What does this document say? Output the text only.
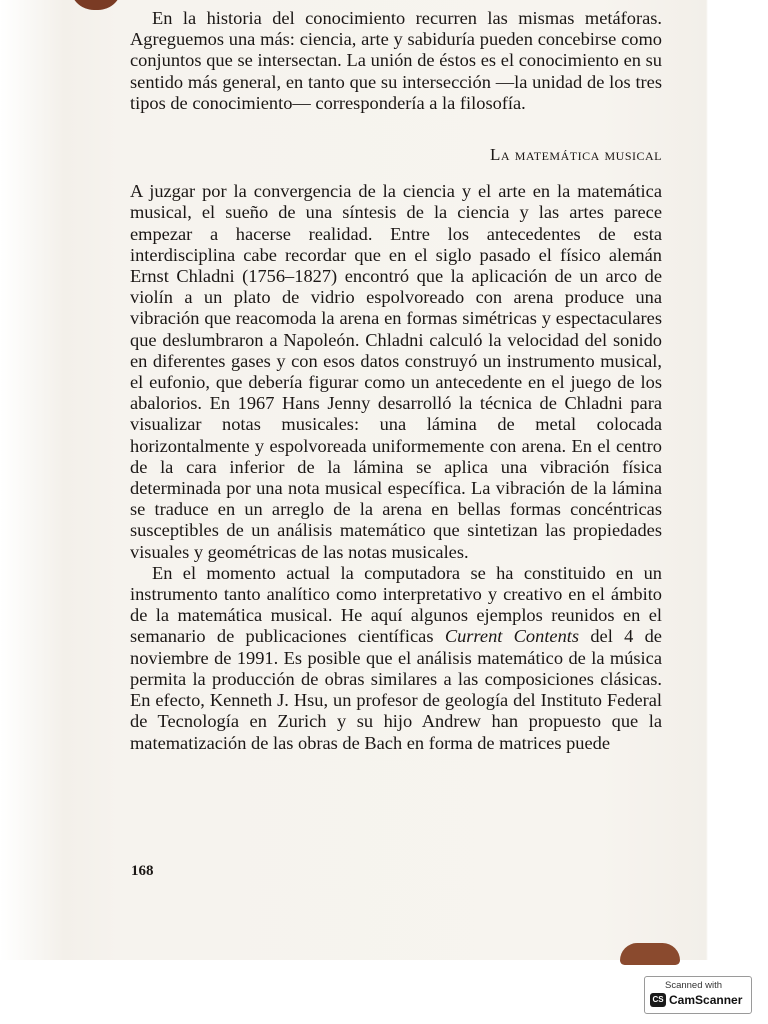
En la historia del conocimiento recurren las mismas metáforas. Agreguemos una más: ciencia, arte y sabiduría pueden concebirse como conjuntos que se intersectan. La unión de éstos es el conocimiento en su sentido más general, en tanto que su intersección —la unidad de los tres tipos de conocimiento— correspondería a la filosofía.

La matemática musical

A juzgar por la convergencia de la ciencia y el arte en la matemática musical, el sueño de una síntesis de la ciencia y las artes parece empezar a hacerse realidad. Entre los antecedentes de esta interdisciplina cabe recordar que en el siglo pasado el físico alemán Ernst Chladni (1756–1827) encontró que la aplicación de un arco de violín a un plato de vidrio espolvoreado con arena produce una vibración que reacomoda la arena en formas simétricas y espectaculares que deslumbraron a Napoleón. Chladni calculó la velocidad del sonido en diferentes gases y con esos datos construyó un instrumento musical, el eufonio, que debería figurar como un antecedente en el juego de los abalorios. En 1967 Hans Jenny desarrolló la técnica de Chladni para visualizar notas musicales: una lámina de metal colocada horizontalmente y espolvoreada uniformemente con arena. En el centro de la cara inferior de la lámina se aplica una vibración física determinada por una nota musical específica. La vibración de la lámina se traduce en un arreglo de la arena en bellas formas concéntricas susceptibles de un análisis matemático que sintetizan las propiedades visuales y geométricas de las notas musicales.

En el momento actual la computadora se ha constituido en un instrumento tanto analítico como interpretativo y creativo en el ámbito de la matemática musical. He aquí algunos ejemplos reunidos en el semanario de publicaciones científicas Current Contents del 4 de noviembre de 1991. Es posible que el análisis matemático de la música permita la producción de obras similares a las composiciones clásicas. En efecto, Kenneth J. Hsu, un profesor de geología del Instituto Federal de Tecnología en Zurich y su hijo Andrew han propuesto que la matematización de las obras de Bach en forma de matrices puede

168
Scanned with
CS CamScanner
